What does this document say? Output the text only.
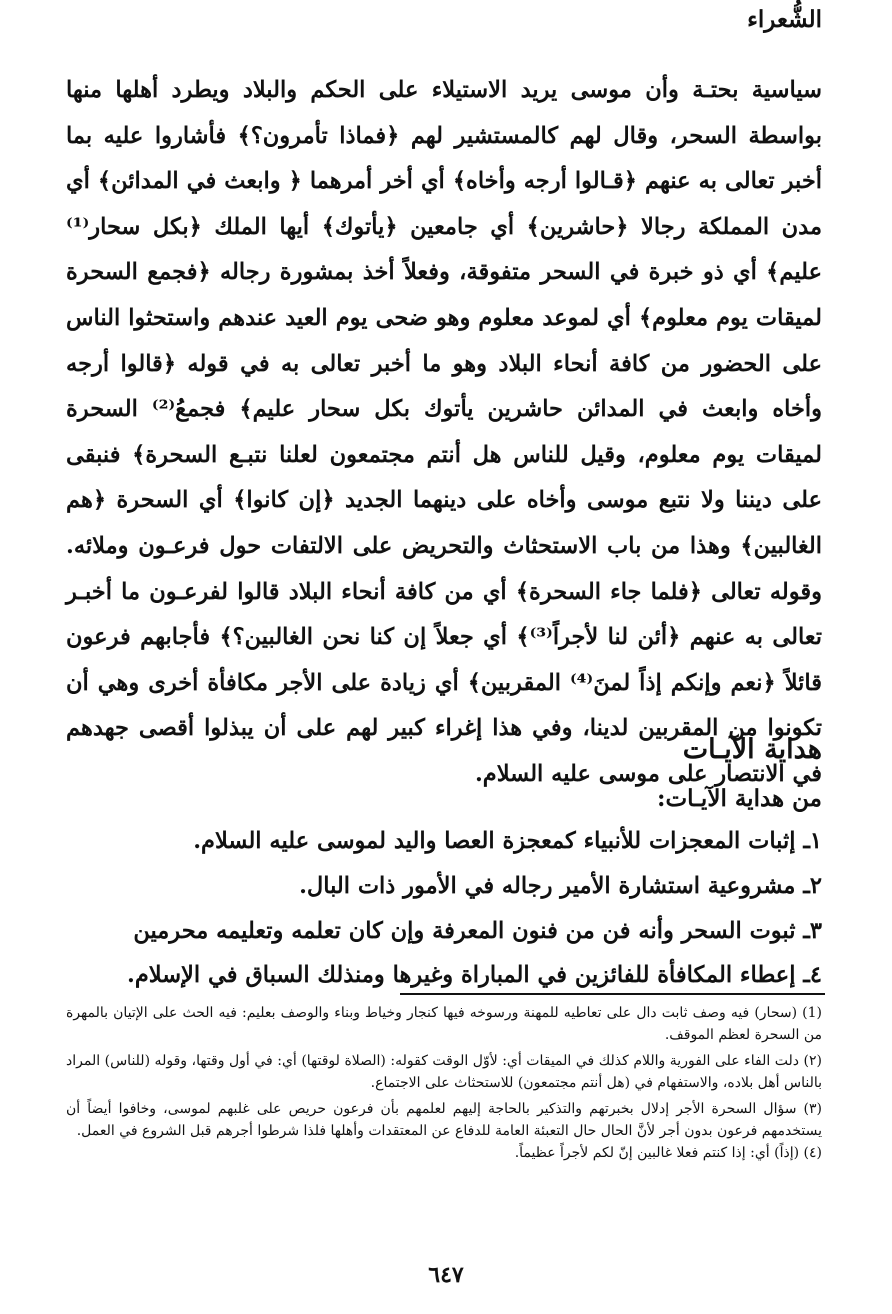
الشُّعراء

سياسية بحتـة وأن موسى يريد الاستيلاء على الحكم والبلاد ويطرد أهلها منها بواسطة السحر، وقال لهم كالمستشير لهم ﴿فماذا تأمرون؟﴾ فأشاروا عليه بما أخبر تعالى به عنهم ﴿قـالوا أرجه وأخاه﴾ أي أخر أمرهما ﴿ وابعث في المدائن﴾ أي مدن المملكة رجالا ﴿حاشرين﴾ أي جامعين ﴿يأتوك﴾ أيها الملك ﴿بكل سحار⁽¹⁾عليم﴾ أي ذو خبرة في السحر متفوقة، وفعلاً أخذ بمشورة رجاله ﴿فجمع السحرة لميقات يوم معلوم﴾ أي لموعد معلوم وهو ضحى يوم العيد عندهم واستحثوا الناس على الحضور من كافة أنحاء البلاد وهو ما أخبر تعالى به في قوله ﴿قالوا أرجه وأخاه وابعث في المدائن حاشرين يأتوك بكل سحار عليم﴾ فجمعُ⁽²⁾ السحرة لميقات يوم معلوم، وقيل للناس هل أنتم مجتمعون لعلنا نتبـع السحرة﴾ فنبقى على ديننا ولا نتبع موسى وأخاه على دينهما الجديد ﴿إن كانوا﴾ أي السحرة ﴿هم الغالبين﴾ وهذا من باب الاستحثاث والتحريض على الالتفات حول فرعـون وملائه. وقوله تعالى ﴿فلما جاء السحرة﴾ أي من كافة أنحاء البلاد قالوا لفرعـون ما أخبـر تعالى به عنهم ﴿أئن لنا لأجراً⁽³⁾﴾ أي جعلاً إن كنا نحن الغالبين؟﴾ فأجابهم فرعون قائلاً ﴿نعم وإنكم إذاً لمنَ⁽⁴⁾ المقربين﴾ أي زيادة على الأجر مكافأة أخرى وهي أن تكونوا من المقربين لدينا، وفي هذا إغراء كبير لهم على أن يبذلوا أقصى جهدهم في الانتصار على موسى عليه السلام.

هداية الآيـات
من هداية الآيـات:
١ـ إثبات المعجزات للأنبياء كمعجزة العصا واليد لموسى عليه السلام.
٢ـ مشروعية استشارة الأمير رجاله في الأمور ذات البال.
٣ـ ثبوت السحر وأنه فن من فنون المعرفة وإن كان تعلمه وتعليمه محرمين
٤ـ إعطاء المكافأة للفائزين في المباراة وغيرها ومنذلك السباق في الإسلام.

(1) (سحار) فيه وصف ثابت دال على تعاطيه للمهنة ورسوخه فيها كنجار وخياط وبناء والوصف بعليم: فيه الحث على الإتيان بالمهرة من السحرة لعظم الموقف.

(٢) دلت الفاء على الفورية واللام كذلك في الميقات أي: لأوّل الوقت كقوله: (الصلاة لوقتها) أي: في أول وقتها، وقوله (للناس) المراد بالناس أهل بلاده، والاستفهام في (هل أنتم مجتمعون) للاستحثاث على الاجتماع.

(٣) سؤال السحرة الأجر إدلال بخبرتهم والتذكير بالحاجة إليهم لعلمهم بأن فرعون حريص على غلبهم لموسى، وخافوا أيضاً أن يستخدمهم فرعون بدون أجر لأنَّ الحال حال التعبئة العامة للدفاع عن المعتقدات وأهلها فلذا شرطوا أجرهم قبل الشروع في العمل.

(٤) (إذاً) أي: إذا كنتم فعلا غالبين إنّ لكم لأجراً عظيماً.

٦٤٧
